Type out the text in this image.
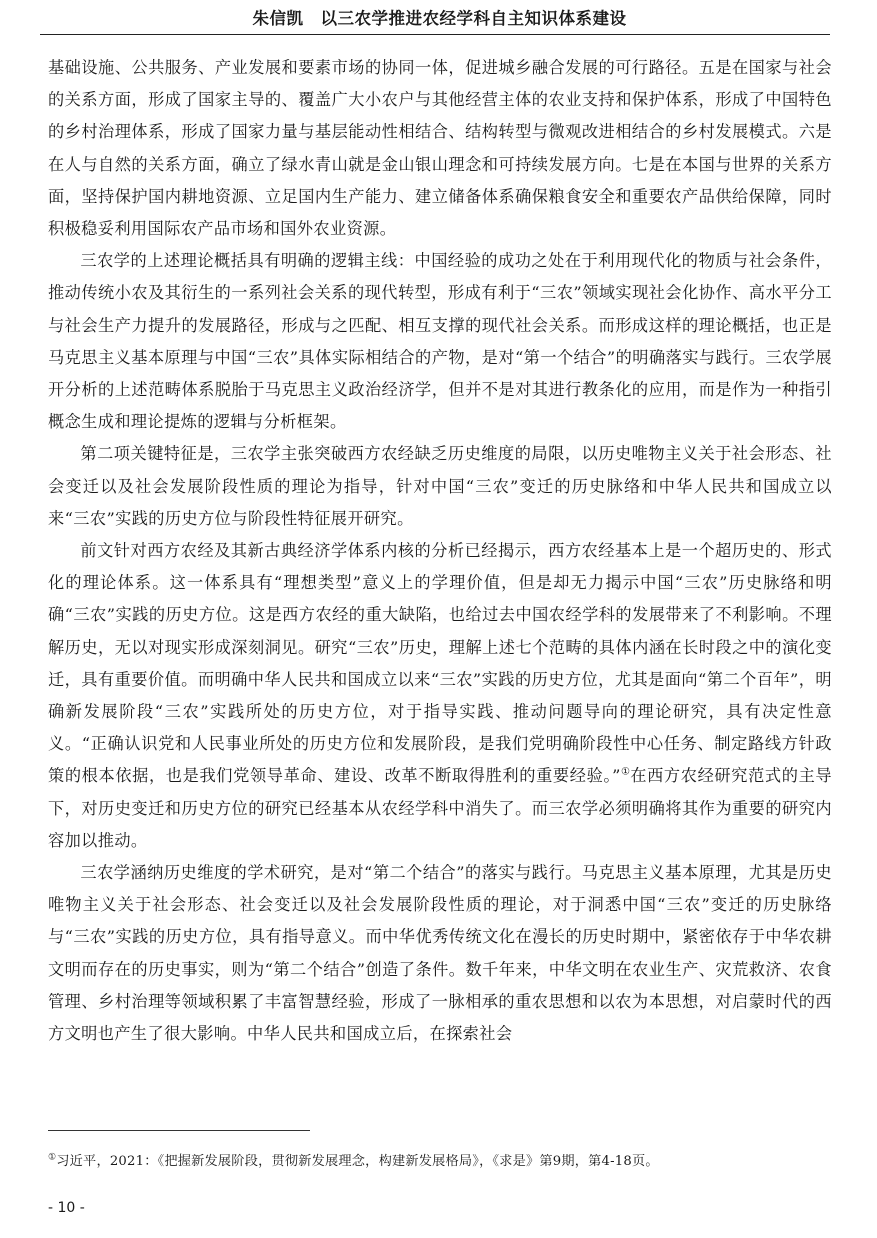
朱信凯　以三农学推进农经学科自主知识体系建设

基础设施、公共服务、产业发展和要素市场的协同一体，促进城乡融合发展的可行路径。五是在国家与社会的关系方面，形成了国家主导的、覆盖广大小农户与其他经营主体的农业支持和保护体系，形成了中国特色的乡村治理体系，形成了国家力量与基层能动性相结合、结构转型与微观改进相结合的乡村发展模式。六是在人与自然的关系方面，确立了绿水青山就是金山银山理念和可持续发展方向。七是在本国与世界的关系方面，坚持保护国内耕地资源、立足国内生产能力、建立储备体系确保粮食安全和重要农产品供给保障，同时积极稳妥利用国际农产品市场和国外农业资源。

三农学的上述理论概括具有明确的逻辑主线：中国经验的成功之处在于利用现代化的物质与社会条件，推动传统小农及其衍生的一系列社会关系的现代转型，形成有利于“三农”领域实现社会化协作、高水平分工与社会生产力提升的发展路径，形成与之匹配、相互支撑的现代社会关系。而形成这样的理论概括，也正是马克思主义基本原理与中国“三农”具体实际相结合的产物，是对“第一个结合”的明确落实与践行。三农学展开分析的上述范畴体系脱胎于马克思主义政治经济学，但并不是对其进行教条化的应用，而是作为一种指引概念生成和理论提炼的逻辑与分析框架。

第二项关键特征是，三农学主张突破西方农经缺乏历史维度的局限，以历史唯物主义关于社会形态、社会变迁以及社会发展阶段性质的理论为指导，针对中国“三农”变迁的历史脉络和中华人民共和国成立以来“三农”实践的历史方位与阶段性特征展开研究。

前文针对西方农经及其新古典经济学体系内核的分析已经揭示，西方农经基本上是一个超历史的、形式化的理论体系。这一体系具有“理想类型”意义上的学理价值，但是却无力揭示中国“三农”历史脉络和明确“三农”实践的历史方位。这是西方农经的重大缺陷，也给过去中国农经学科的发展带来了不利影响。不理解历史，无以对现实形成深刻洞见。研究“三农”历史，理解上述七个范畴的具体内涵在长时段之中的演化变迁，具有重要价值。而明确中华人民共和国成立以来“三农”实践的历史方位，尤其是面向“第二个百年”，明确新发展阶段“三农”实践所处的历史方位，对于指导实践、推动问题导向的理论研究，具有决定性意义。“正确认识党和人民事业所处的历史方位和发展阶段，是我们党明确阶段性中心任务、制定路线方针政策的根本依据，也是我们党领导革命、建设、改革不断取得胜利的重要经验。”①在西方农经研究范式的主导下，对历史变迁和历史方位的研究已经基本从农经学科中消失了。而三农学必须明确将其作为重要的研究内容加以推动。

三农学涵纳历史维度的学术研究，是对“第二个结合”的落实与践行。马克思主义基本原理，尤其是历史唯物主义关于社会形态、社会变迁以及社会发展阶段性质的理论，对于洞悉中国“三农”变迁的历史脉络与“三农”实践的历史方位，具有指导意义。而中华优秀传统文化在漫长的历史时期中，紧密依存于中华农耕文明而存在的历史事实，则为“第二个结合”创造了条件。数千年来，中华文明在农业生产、灾荒救济、农食管理、乡村治理等领域积累了丰富智慧经验，形成了一脉相承的重农思想和以农为本思想，对启蒙时代的西方文明也产生了很大影响。中华人民共和国成立后，在探索社会

①习近平，2021：《把握新发展阶段，贯彻新发展理念，构建新发展格局》，《求是》第9期，第4-18页。
- 10 -
